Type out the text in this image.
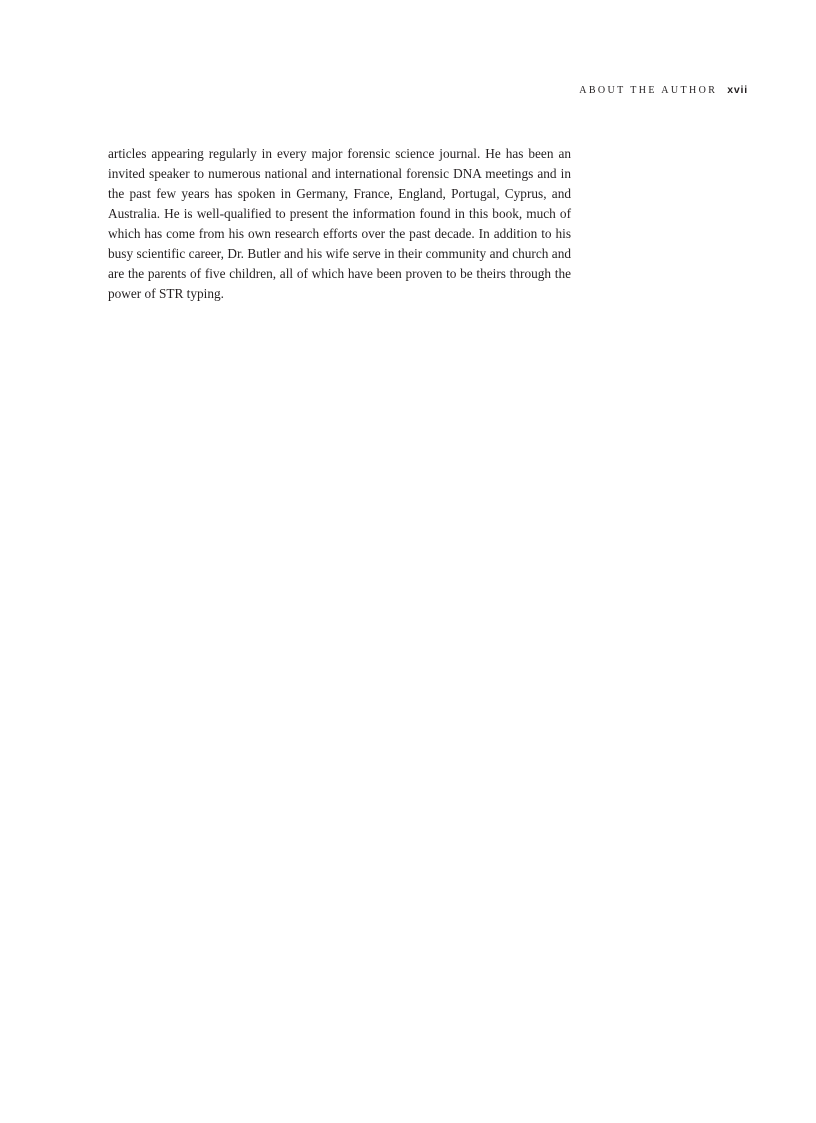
ABOUT THE AUTHOR xvii

articles appearing regularly in every major forensic science journal. He has been an invited speaker to numerous national and international forensic DNA meetings and in the past few years has spoken in Germany, France, England, Portugal, Cyprus, and Australia. He is well-qualified to present the information found in this book, much of which has come from his own research efforts over the past decade. In addition to his busy scientific career, Dr. Butler and his wife serve in their community and church and are the parents of five children, all of which have been proven to be theirs through the power of STR typing.
